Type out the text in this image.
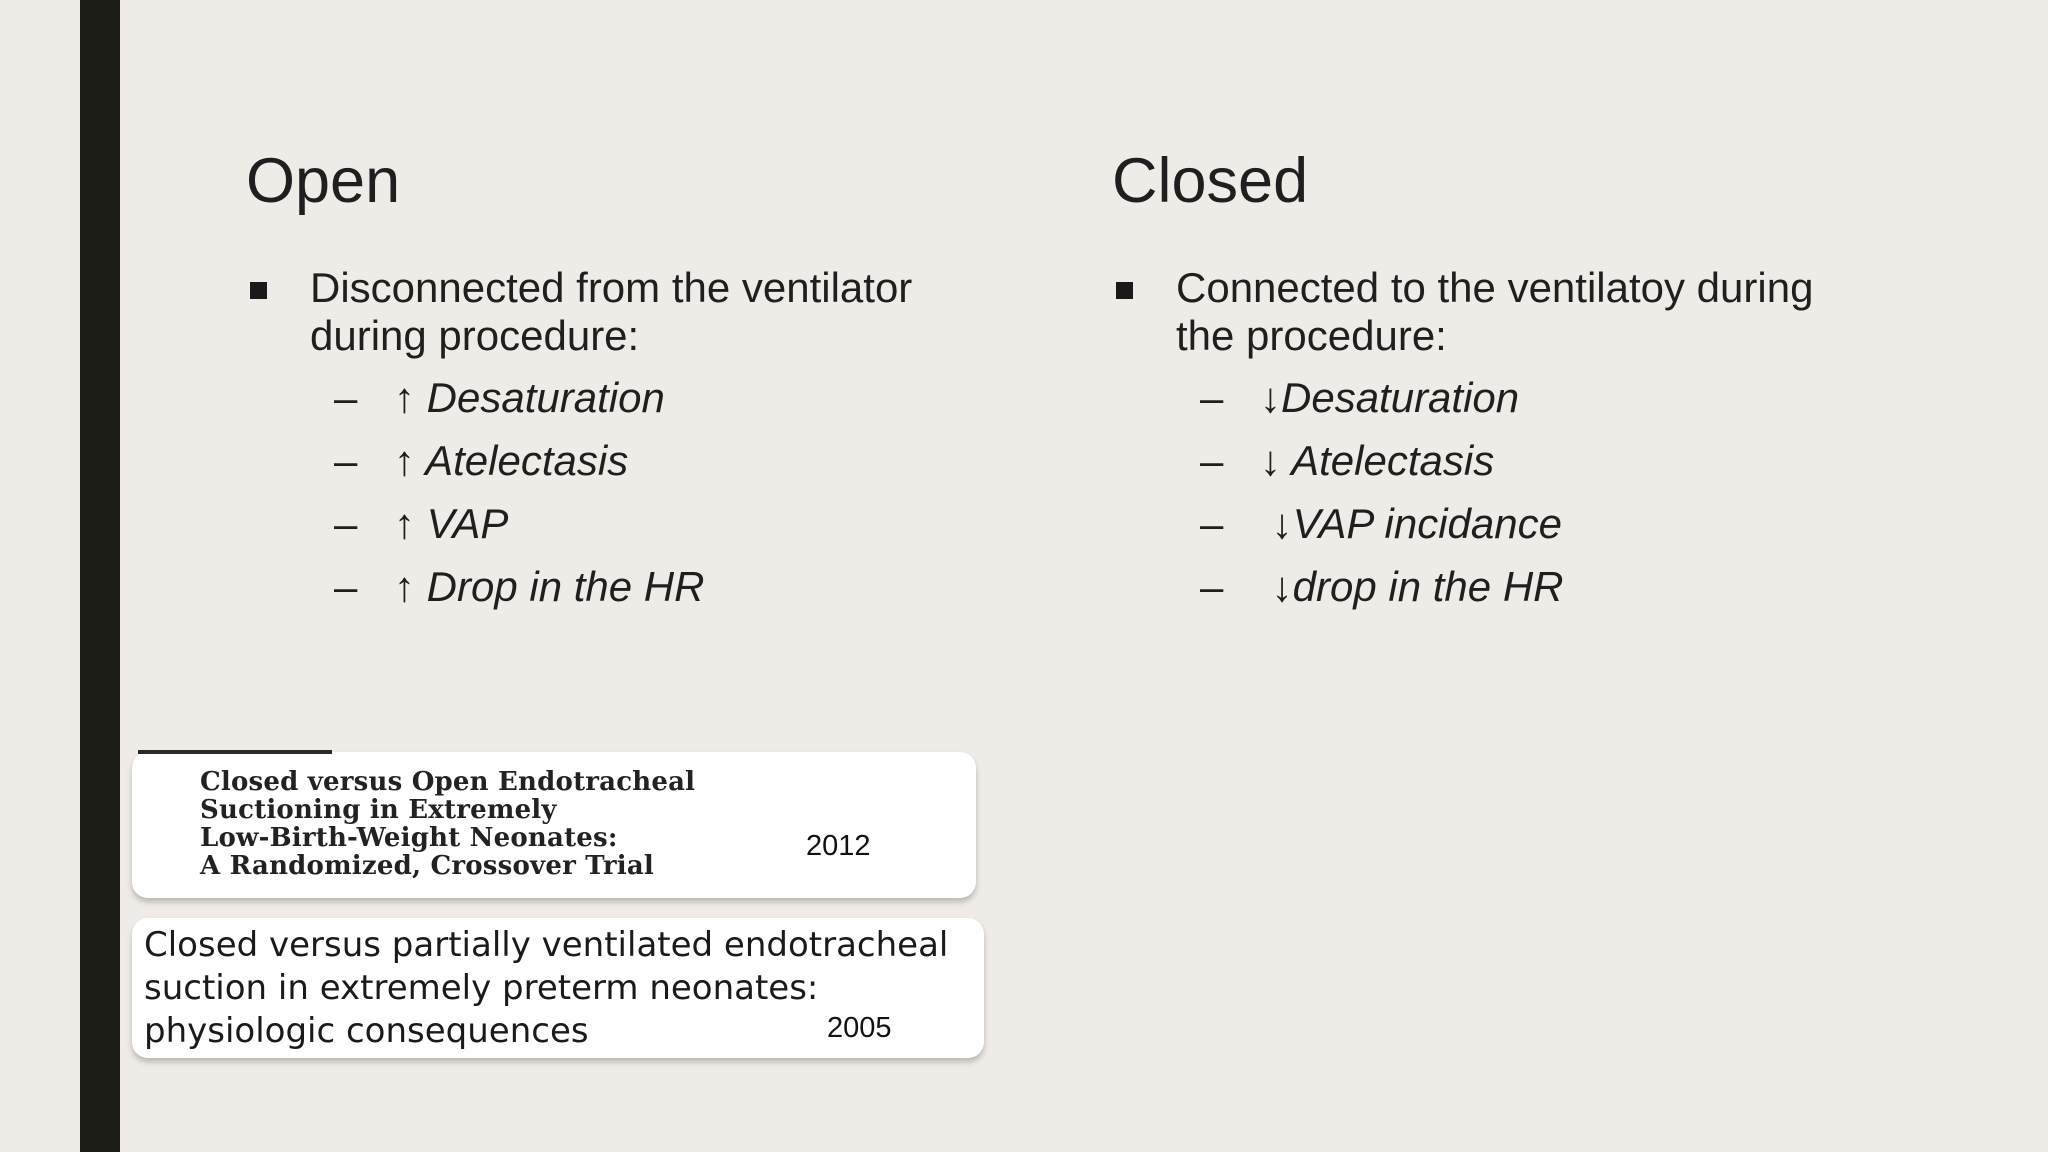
Open
Disconnected from the ventilator
during procedure:
– ↑ Desaturation
– ↑ Atelectasis
– ↑ VAP
– ↑ Drop in the HR
Closed
Connected to the ventilatoy during
the procedure:
– ↓Desaturation
– ↓ Atelectasis
– ↓VAP incidance
– ↓drop in the HR
Closed versus Open Endotracheal
Suctioning in Extremely
Low-Birth-Weight Neonates:
A Randomized, Crossover Trial
2012
Closed versus partially ventilated endotracheal
suction in extremely preterm neonates:
physiologic consequences	2005
